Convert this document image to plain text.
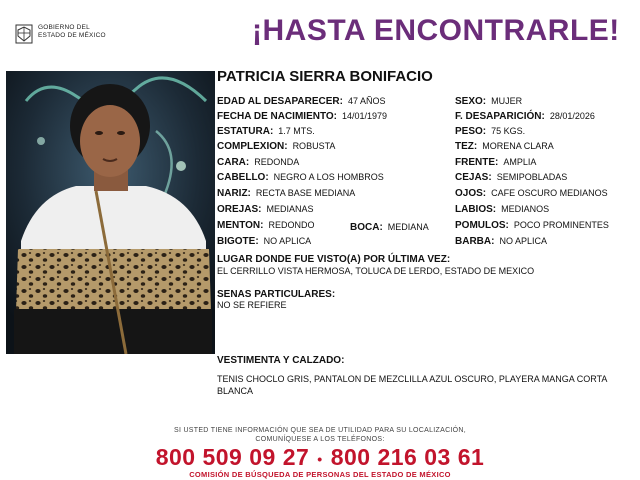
GOBIERNO DEL
ESTADO DE MÉXICO	¡HASTA ENCONTRARLE!
PATRICIA SIERRA BONIFACIO
EDAD AL DESAPARECER: 47 AÑOS
FECHA DE NACIMIENTO: 14/01/1979
ESTATURA: 1.7 MTS.
COMPLEXION: ROBUSTA
CARA: REDONDA
CABELLO: NEGRO A LOS HOMBROS
NARIZ: RECTA BASE MEDIANA
OREJAS: MEDIANAS
MENTON: REDONDO	BOCA: MEDIANA
BIGOTE: NO APLICA
SEXO: MUJER
F. DESAPARICIÓN: 28/01/2026
PESO: 75 KGS.
TEZ: MORENA CLARA
FRENTE: AMPLIA
CEJAS: SEMIPOBLADAS
OJOS: CAFE OSCURO MEDIANOS
LABIOS: MEDIANOS
POMULOS: POCO PROMINENTES
BARBA: NO APLICA
LUGAR DONDE FUE VISTO(A) POR ÚLTIMA VEZ:
EL CERRILLO VISTA HERMOSA, TOLUCA DE LERDO, ESTADO DE MEXICO
SENAS PARTICULARES:
NO SE REFIERE
VESTIMENTA Y CALZADO:
TENIS CHOCLO GRIS, PANTALON DE MEZCLILLA AZUL OSCURO, PLAYERA MANGA CORTA BLANCA
SI USTED TIENE INFORMACIÓN QUE SEA DE UTILIDAD PARA SU LOCALIZACIÓN,
COMUNÍQUESE A LOS TELÉFONOS:
800 509 09 27 • 800 216 03 61
COMISIÓN DE BÚSQUEDA DE PERSONAS DEL ESTADO DE MÉXICO
